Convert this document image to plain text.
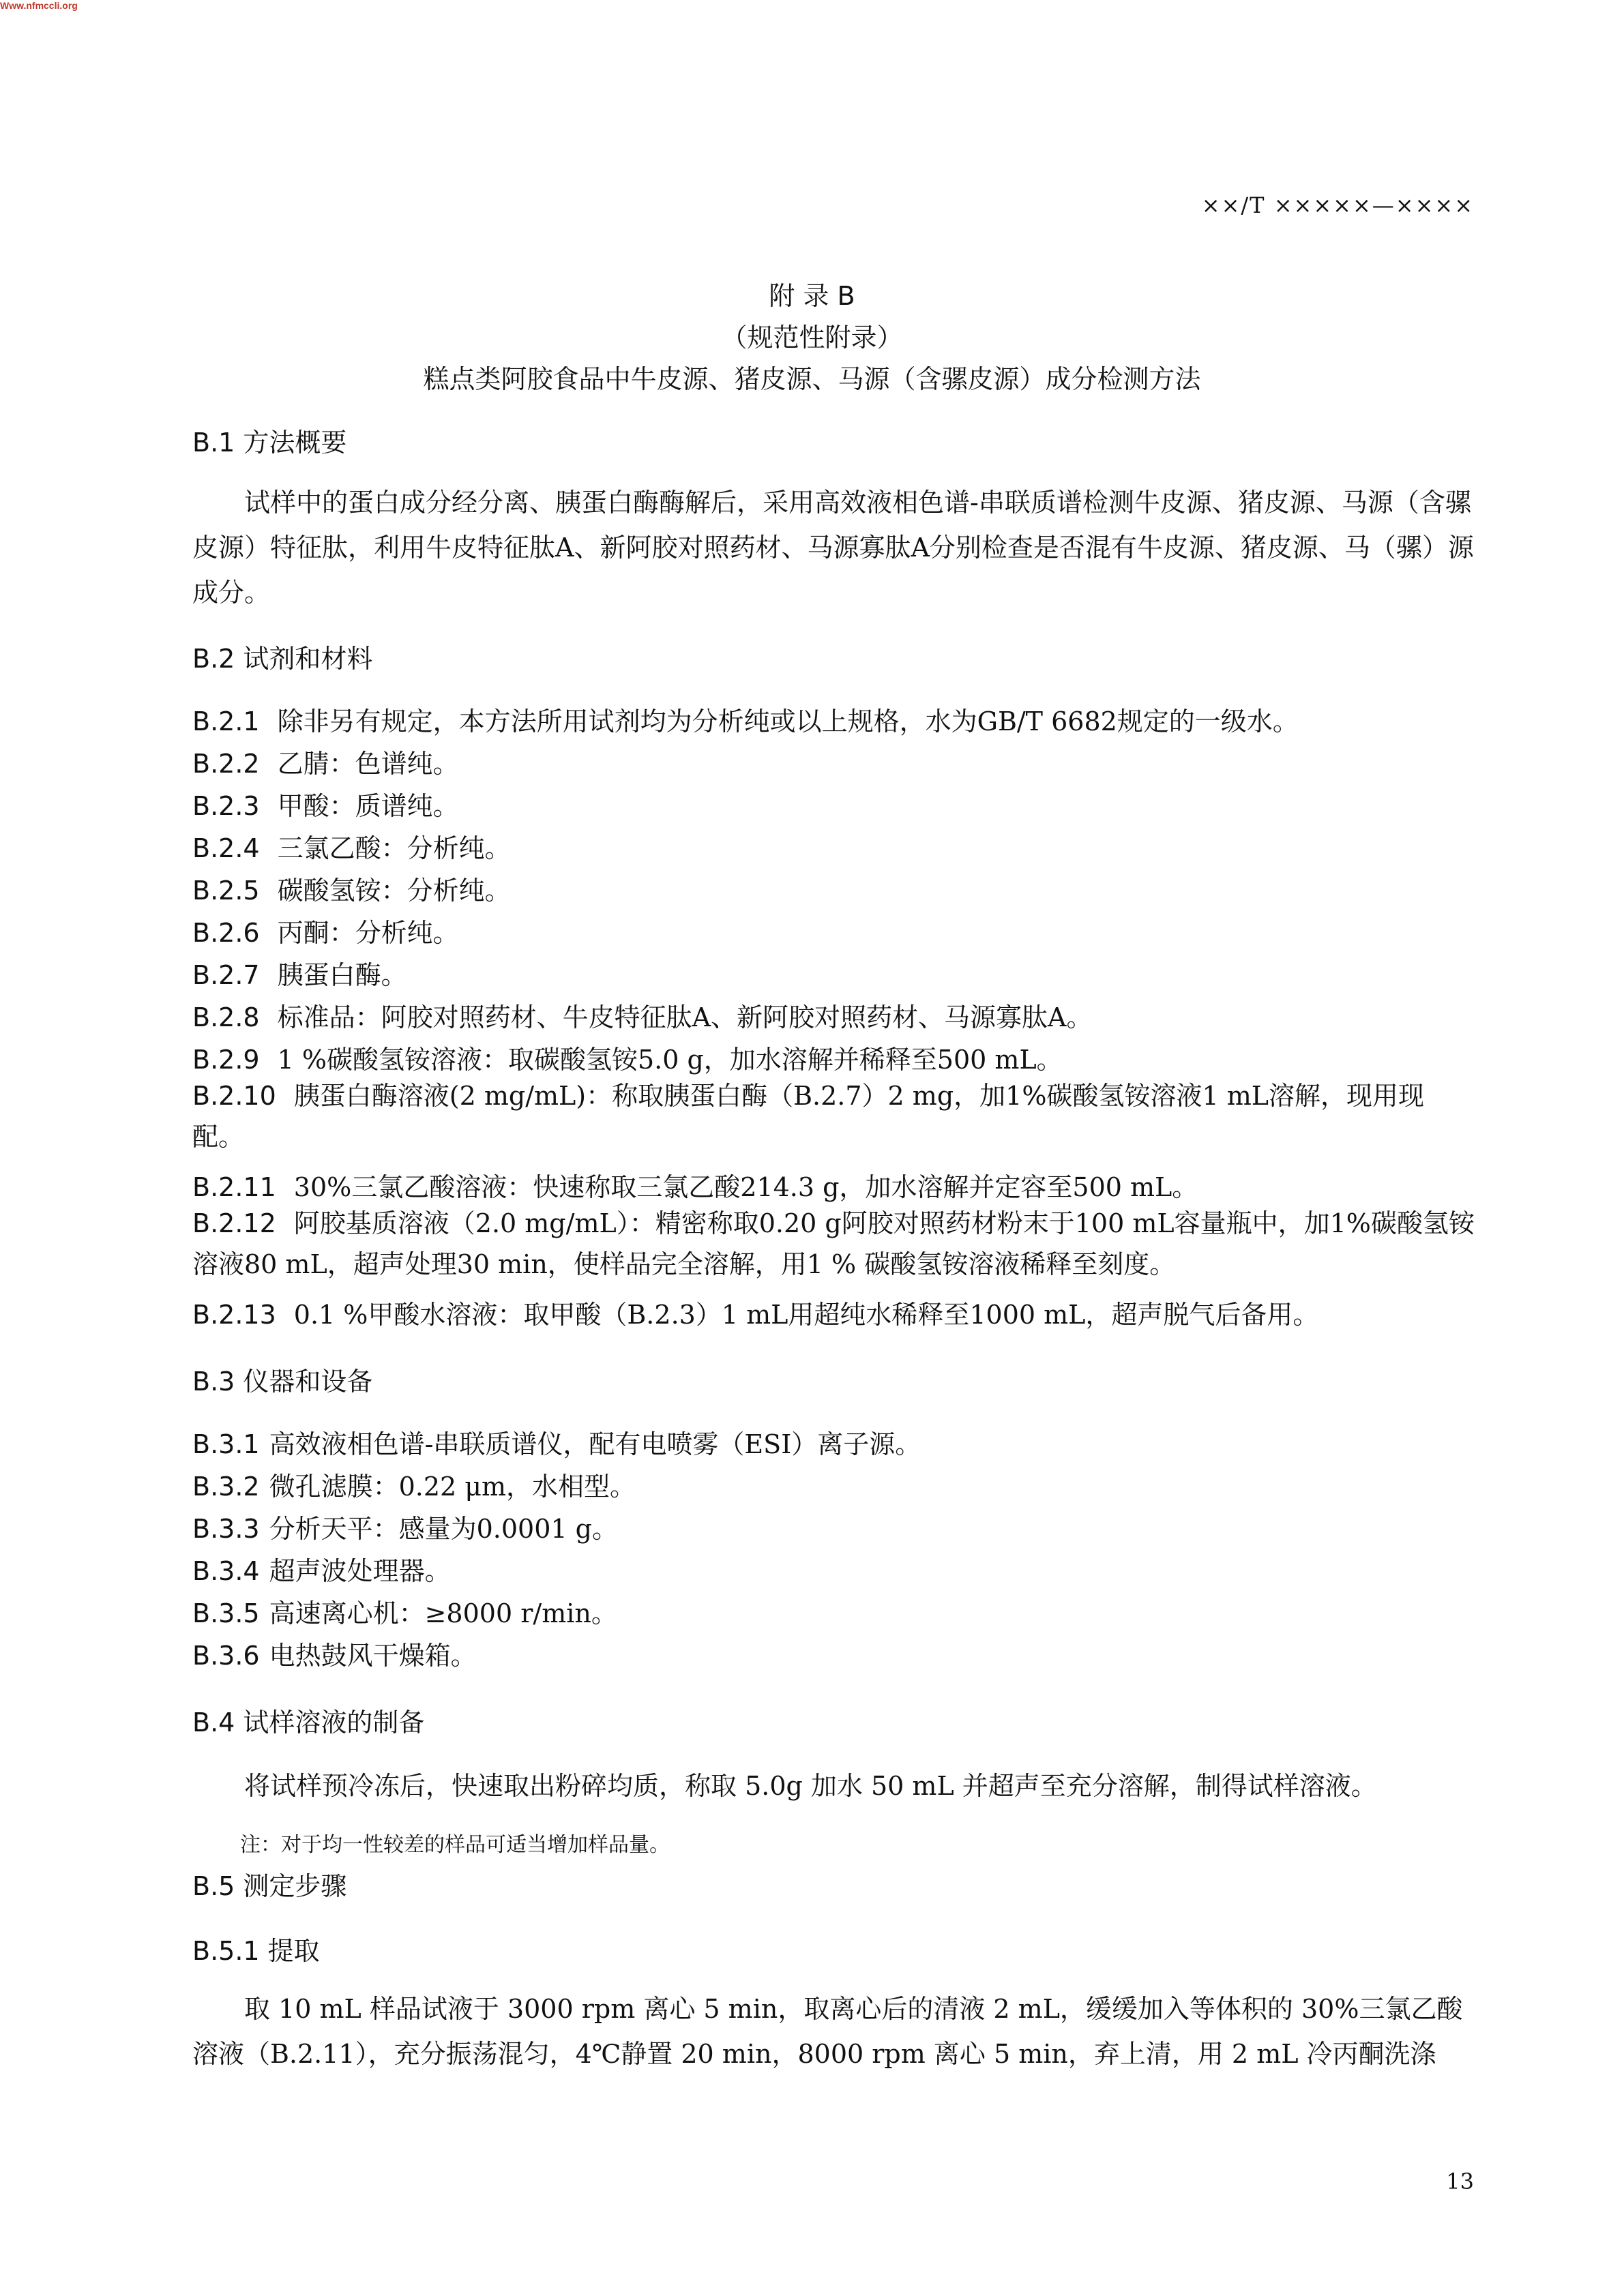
Www.nfmccli.org
××/T ×××××—××××
附 录 B
（规范性附录）
糕点类阿胶食品中牛皮源、猪皮源、马源（含骡皮源）成分检测方法
B.1 方法概要
试样中的蛋白成分经分离、胰蛋白酶酶解后，采用高效液相色谱-串联质谱检测牛皮源、猪皮源、马源（含骡皮源）特征肽，利用牛皮特征肽A、新阿胶对照药材、马源寡肽A分别检查是否混有牛皮源、猪皮源、马（骡）源成分。
B.2 试剂和材料
B.2.1 除非另有规定，本方法所用试剂均为分析纯或以上规格，水为GB/T 6682规定的一级水。
B.2.2 乙腈：色谱纯。
B.2.3 甲酸：质谱纯。
B.2.4 三氯乙酸：分析纯。
B.2.5 碳酸氢铵：分析纯。
B.2.6 丙酮：分析纯。
B.2.7 胰蛋白酶。
B.2.8 标准品：阿胶对照药材、牛皮特征肽A、新阿胶对照药材、马源寡肽A。
B.2.9 1 %碳酸氢铵溶液：取碳酸氢铵5.0 g，加水溶解并稀释至500 mL。
B.2.10 胰蛋白酶溶液(2 mg/mL)：称取胰蛋白酶（B.2.7）2 mg，加1%碳酸氢铵溶液1 mL溶解，现用现配。
B.2.11 30%三氯乙酸溶液：快速称取三氯乙酸214.3 g，加水溶解并定容至500 mL。
B.2.12 阿胶基质溶液（2.0 mg/mL）：精密称取0.20 g阿胶对照药材粉末于100 mL容量瓶中，加1%碳酸氢铵溶液80 mL，超声处理30 min，使样品完全溶解，用1 % 碳酸氢铵溶液稀释至刻度。
B.2.13 0.1 %甲酸水溶液：取甲酸（B.2.3）1 mL用超纯水稀释至1000 mL，超声脱气后备用。
B.3 仪器和设备
B.3.1 高效液相色谱-串联质谱仪，配有电喷雾（ESI）离子源。
B.3.2 微孔滤膜：0.22 μm，水相型。
B.3.3 分析天平：感量为0.0001 g。
B.3.4 超声波处理器。
B.3.5 高速离心机：≥8000 r/min。
B.3.6 电热鼓风干燥箱。
B.4 试样溶液的制备
将试样预冷冻后，快速取出粉碎均质，称取 5.0g 加水 50 mL 并超声至充分溶解，制得试样溶液。
注：对于均一性较差的样品可适当增加样品量。
B.5 测定步骤
B.5.1 提取
取 10 mL 样品试液于 3000 rpm 离心 5 min，取离心后的清液 2 mL，缓缓加入等体积的 30%三氯乙酸溶液（B.2.11），充分振荡混匀，4℃静置 20 min，8000 rpm 离心 5 min，弃上清，用 2 mL 冷丙酮洗涤
13
